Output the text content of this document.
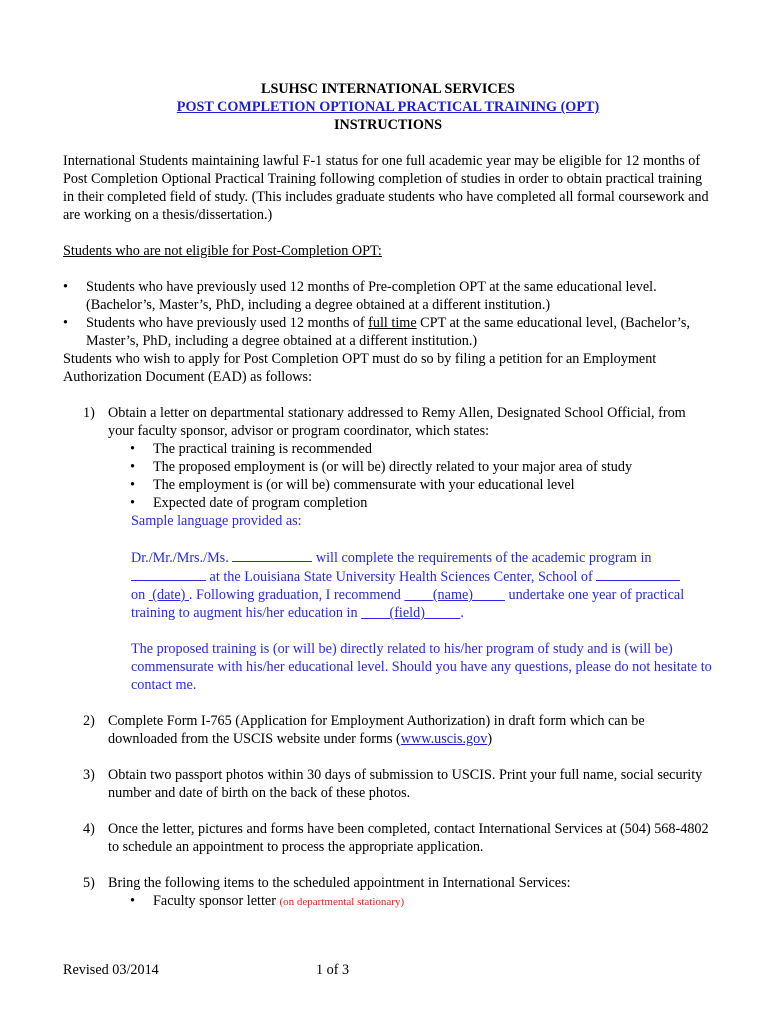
LSUHSC INTERNATIONAL SERVICES

POST COMPLETION OPTIONAL PRACTICAL TRAINING (OPT)

INSTRUCTIONS

International Students maintaining lawful F-1 status for one full academic year may be eligible for 12 months of Post Completion Optional Practical Training following completion of studies in order to obtain practical training in their completed field of study. (This includes graduate students who have completed all formal coursework and are working on a thesis/dissertation.)

Students who are not eligible for Post-Completion OPT:

• Students who have previously used 12 months of Pre-completion OPT at the same educational level. (Bachelor’s, Master’s, PhD, including a degree obtained at a different institution.)
• Students who have previously used 12 months of full time CPT at the same educational level, (Bachelor’s, Master’s, PhD, including a degree obtained at a different institution.)

Students who wish to apply for Post Completion OPT must do so by filing a petition for an Employment Authorization Document (EAD) as follows:

1) Obtain a letter on departmental stationary addressed to Remy Allen, Designated School Official, from your faculty sponsor, advisor or program coordinator, which states:

• The practical training is recommended
• The proposed employment is (or will be) directly related to your major area of study
• The employment is (or will be) commensurate with your educational level
• Expected date of program completion

Sample language provided as:

Dr./Mr./Mrs./Ms.	will complete the requirements of the academic program in  at the Louisiana State University Health Sciences Center, School of
on  (date) . Following graduation, I recommend         (name)          undertake one year of practical training to augment his/her education in         (field) .

The proposed training is (or will be) directly related to his/her program of study and is (will be) commensurate with his/her educational level. Should you have any questions, please do not hesitate to contact me.

2) Complete Form I-765 (Application for Employment Authorization) in draft form which can be downloaded from the USCIS website under forms (www.uscis.gov)

3) Obtain two passport photos within 30 days of submission to USCIS. Print your full name, social security number and date of birth on the back of these photos.

4) Once the letter, pictures and forms have been completed, contact International Services at (504) 568-4802 to schedule an appointment to process the appropriate application.

5) Bring the following items to the scheduled appointment in International Services:

• Faculty sponsor letter (on departmental stationary)
Revised 03/2014	1 of 3
